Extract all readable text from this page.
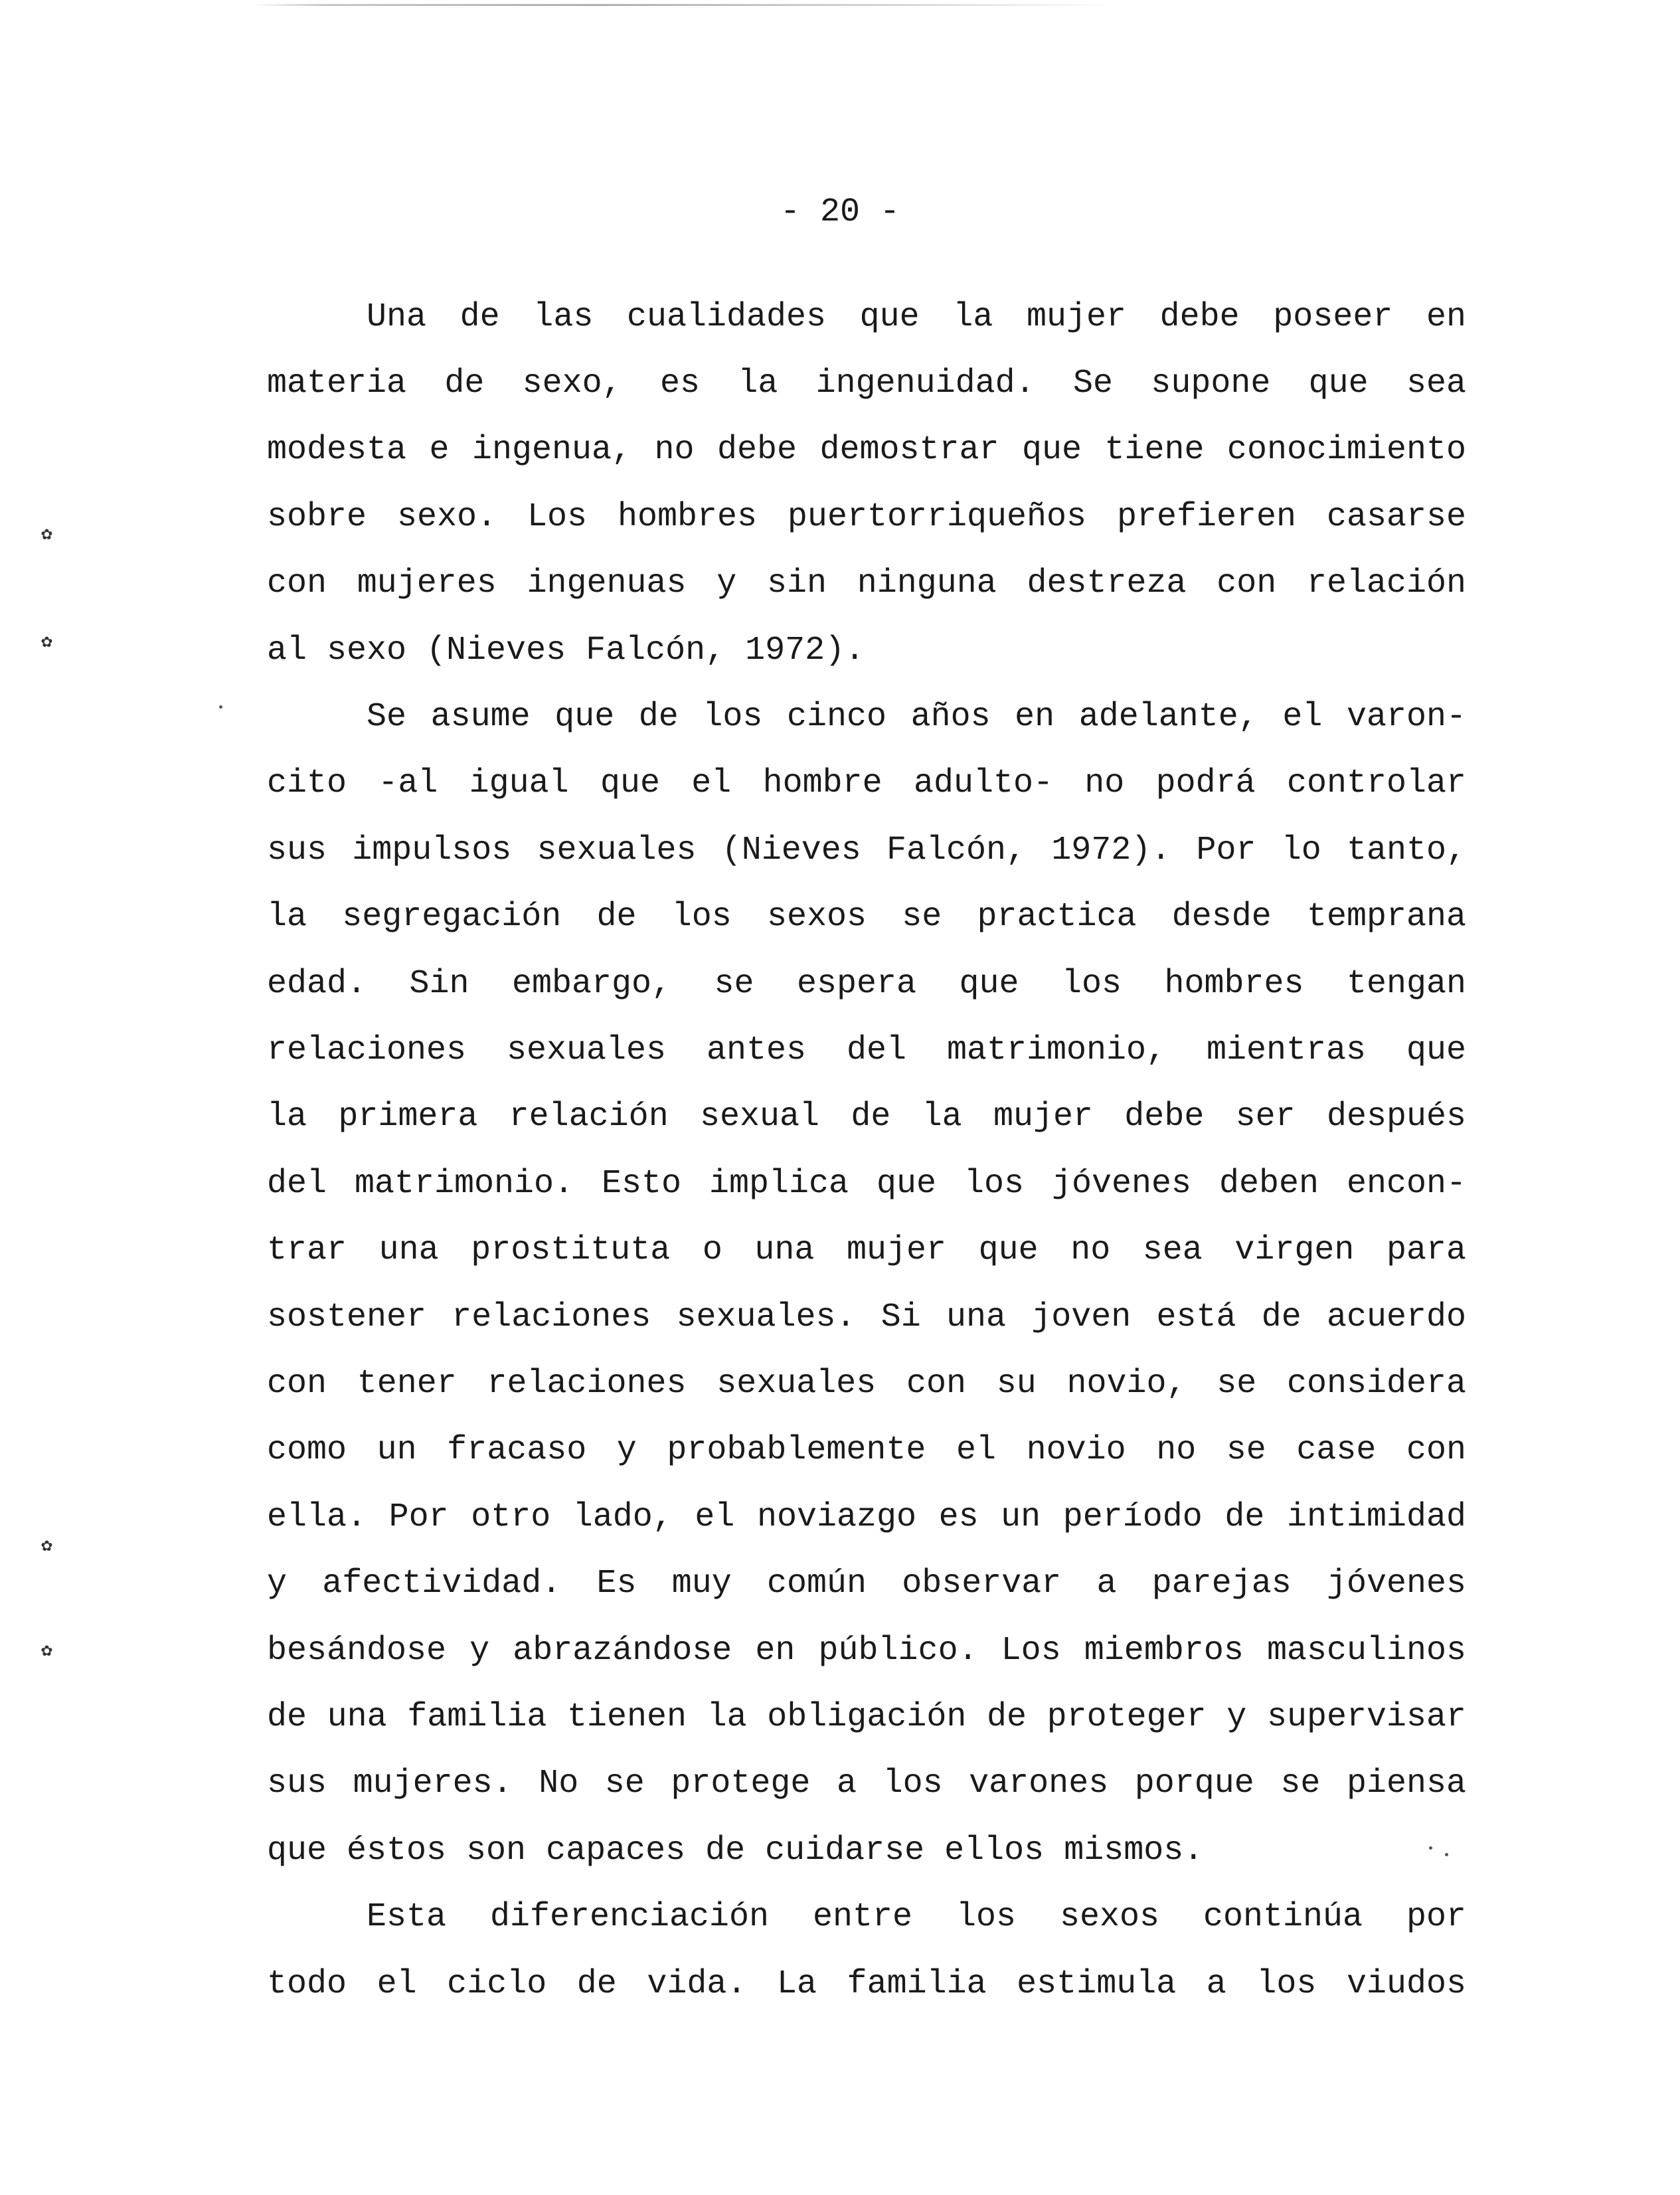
- 20 -
Una de las cualidades que la mujer debe poseer en
materia de sexo, es la ingenuidad. Se supone que sea
modesta e ingenua, no debe demostrar que tiene conocimiento
sobre sexo. Los hombres puertorriqueños prefieren casarse
con mujeres ingenuas y sin ninguna destreza con relación
al sexo (Nieves Falcón, 1972).
Se asume que de los cinco años en adelante, el varon-
cito -al igual que el hombre adulto- no podrá controlar
sus impulsos sexuales (Nieves Falcón, 1972). Por lo tanto,
la segregación de los sexos se practica desde temprana
edad. Sin embargo, se espera que los hombres tengan
relaciones sexuales antes del matrimonio, mientras que
la primera relación sexual de la mujer debe ser después
del matrimonio. Esto implica que los jóvenes deben encon-
trar una prostituta o una mujer que no sea virgen para
sostener relaciones sexuales. Si una joven está de acuerdo
con tener relaciones sexuales con su novio, se considera
como un fracaso y probablemente el novio no se case con
ella. Por otro lado, el noviazgo es un período de intimidad
y afectividad. Es muy común observar a parejas jóvenes
besándose y abrazándose en público. Los miembros masculinos
de una familia tienen la obligación de proteger y supervisar
sus mujeres. No se protege a los varones porque se piensa
que éstos son capaces de cuidarse ellos mismos.
Esta diferenciación entre los sexos continúa por
todo el ciclo de vida. La familia estimula a los viudos
✿
✿
✿
✿
